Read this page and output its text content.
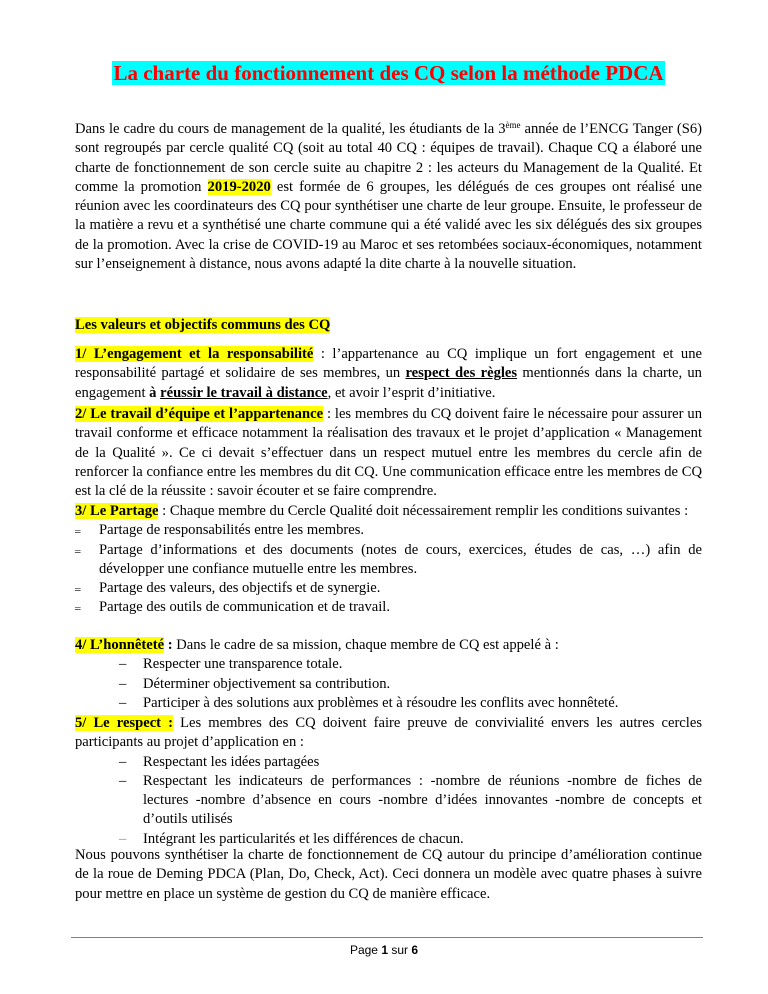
La charte du fonctionnement des CQ selon la méthode PDCA

Dans le cadre du cours de management de la qualité, les étudiants de la 3ème année de l’ENCG Tanger (S6) sont regroupés par cercle qualité CQ (soit au total 40 CQ : équipes de travail). Chaque CQ a élaboré une charte de fonctionnement de son cercle suite au chapitre 2 : les acteurs du Management de la Qualité. Et comme la promotion 2019-2020 est formée de 6 groupes, les délégués de ces groupes ont réalisé une réunion avec les coordinateurs des CQ pour synthétiser une charte de leur groupe. Ensuite, le professeur de la matière a revu et a synthétisé une charte commune qui a été validé avec les six délégués des six groupes de la promotion. Avec la crise de COVID-19 au Maroc et ses retombées sociaux-économiques, notamment sur l’enseignement à distance, nous avons adapté la dite charte à la nouvelle situation.

Les valeurs et objectifs communs des CQ

1/ L’engagement et la responsabilité : l’appartenance au CQ implique un fort engagement et une responsabilité partagé et solidaire de ses membres, un respect des règles mentionnés dans la charte, un engagement à réussir le travail à distance, et avoir l’esprit d’initiative.

2/ Le travail d’équipe et l’appartenance : les membres du CQ doivent faire le nécessaire pour assurer un travail conforme et efficace notamment la réalisation des travaux et le projet d’application « Management de la Qualité ». Ce ci devait s’effectuer dans un respect mutuel entre les membres du cercle afin de renforcer la confiance entre les membres du dit CQ. Une communication efficace entre les membres de CQ est la clé de la réussite : savoir écouter et se faire comprendre.

3/ Le Partage : Chaque membre du Cercle Qualité doit nécessairement remplir les conditions suivantes :

‗ Partage de responsabilités entre les membres.
‗ Partage d’informations et des documents (notes de cours, exercices, études de cas, …) afin de développer une confiance mutuelle entre les membres.
‗ Partage des valeurs, des objectifs et de synergie.
‗ Partage des outils de communication et de travail.

4/ L’honnêteté : Dans le cadre de sa mission, chaque membre de CQ est appelé à :

– Respecter une transparence totale.
– Déterminer objectivement sa contribution.
– Participer à des solutions aux problèmes et à résoudre les conflits avec honnêteté.

5/ Le respect : Les membres des CQ doivent faire preuve de convivialité envers les autres cercles participants au projet d’application en :

– Respectant les idées partagées
– Respectant les indicateurs de performances : -nombre de réunions -nombre de fiches de lectures -nombre d’absence en cours -nombre d’idées innovantes -nombre de concepts et d’outils utilisés
– Intégrant les particularités et les différences de chacun.

Nous pouvons synthétiser la charte de fonctionnement de CQ autour du principe d’amélioration continue de la roue de Deming PDCA (Plan, Do, Check, Act). Ceci donnera un modèle avec quatre phases à suivre pour mettre en place un système de gestion du CQ de manière efficace.

Page 1 sur 6
